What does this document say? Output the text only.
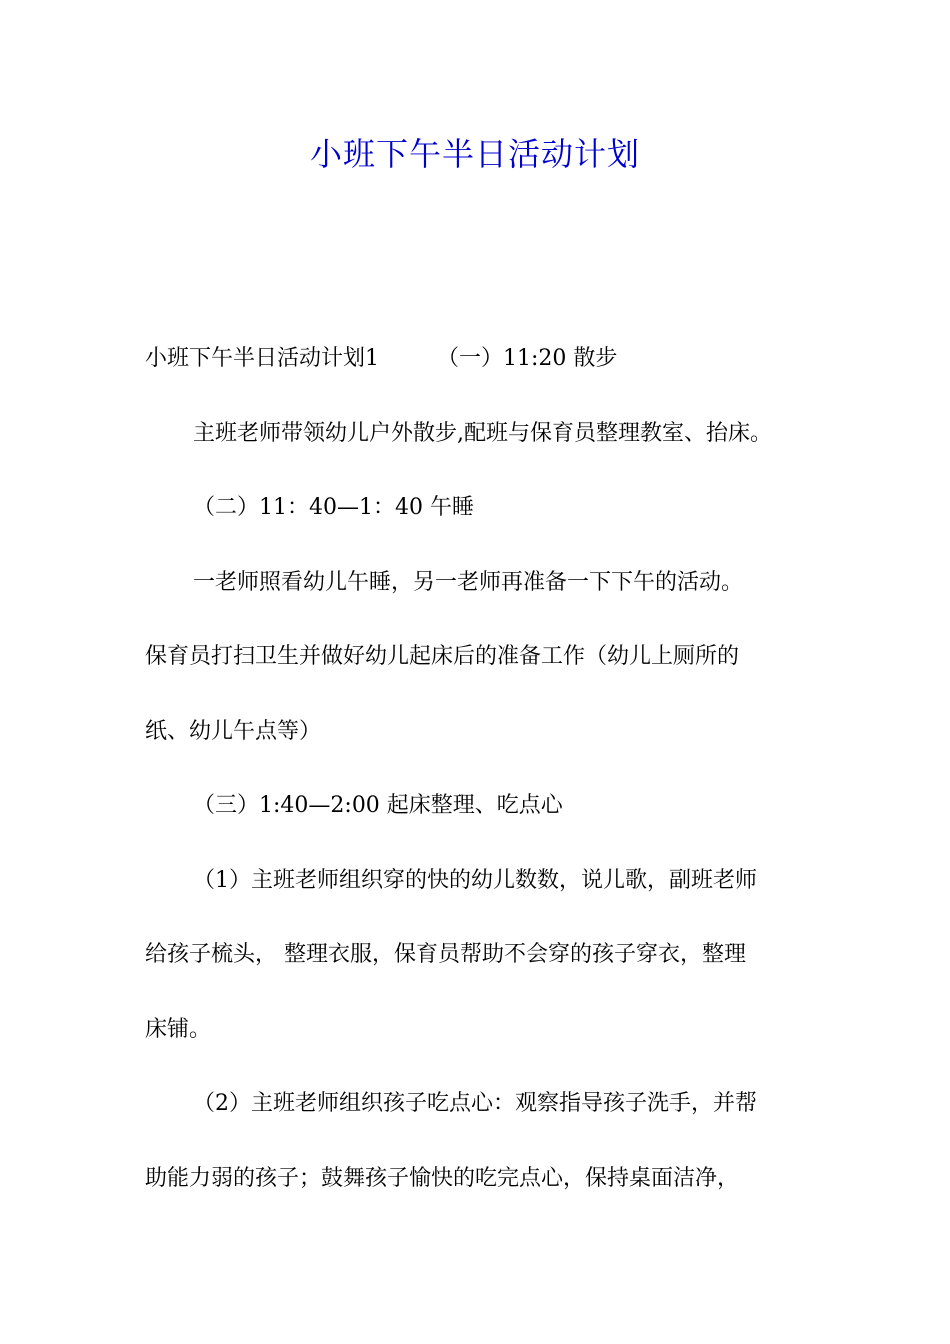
小班下午半日活动计划

小班下午半日活动计划1	（一）11:20 散步

主班老师带领幼儿户外散步,配班与保育员整理教室、抬床。

（二）11：40—1：40 午睡

一老师照看幼儿午睡，另一老师再准备一下下午的活动。

保育员打扫卫生并做好幼儿起床后的准备工作（幼儿上厕所的

纸、幼儿午点等）

（三）1:40—2:00 起床整理、吃点心

（1）主班老师组织穿的快的幼儿数数，说儿歌，副班老师

给孩子梳头， 整理衣服，保育员帮助不会穿的孩子穿衣，整理

床铺。

（2）主班老师组织孩子吃点心：观察指导孩子洗手，并帮

助能力弱的孩子；鼓舞孩子愉快的吃完点心，保持桌面洁净，
